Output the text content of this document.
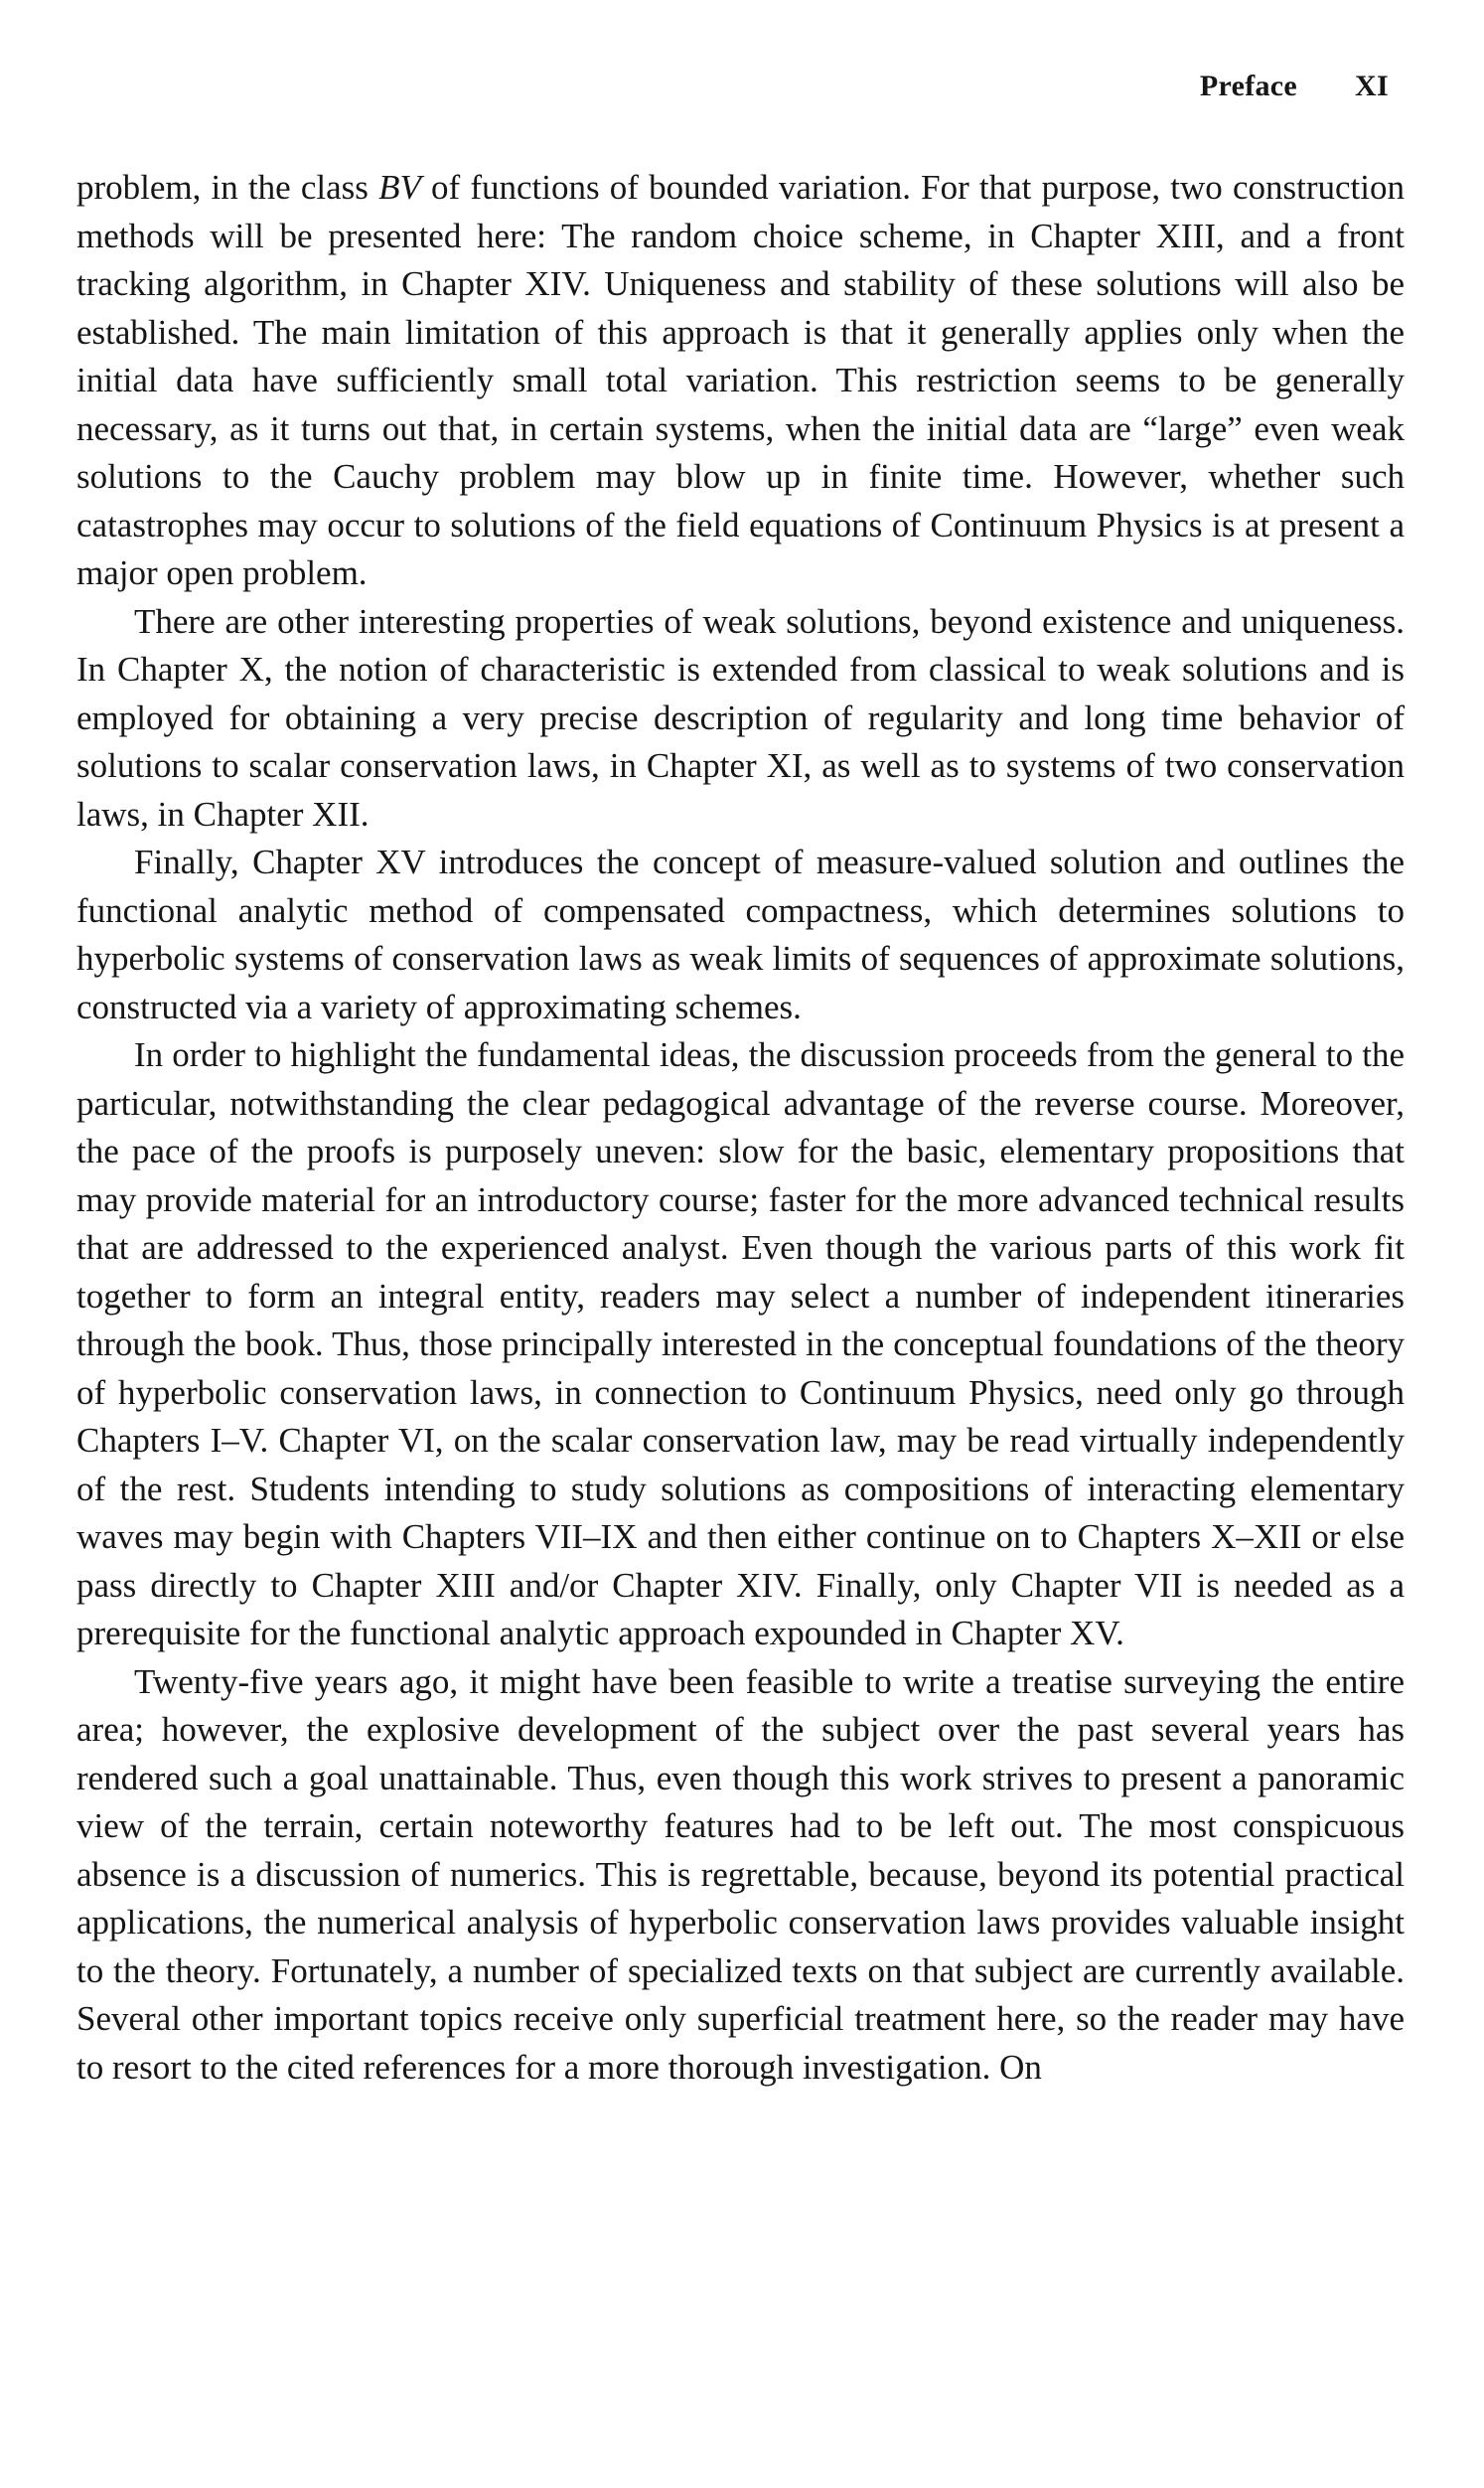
Preface XI

problem, in the class BV of functions of bounded variation. For that purpose, two construction methods will be presented here: The random choice scheme, in Chapter XIII, and a front tracking algorithm, in Chapter XIV. Uniqueness and stability of these solutions will also be established. The main limitation of this approach is that it generally applies only when the initial data have sufficiently small total variation. This restriction seems to be generally necessary, as it turns out that, in certain systems, when the initial data are “large” even weak solutions to the Cauchy problem may blow up in finite time. However, whether such catastrophes may occur to solutions of the field equations of Continuum Physics is at present a major open problem.

There are other interesting properties of weak solutions, beyond existence and uniqueness. In Chapter X, the notion of characteristic is extended from classical to weak solutions and is employed for obtaining a very precise description of regularity and long time behavior of solutions to scalar conservation laws, in Chapter XI, as well as to systems of two conservation laws, in Chapter XII.

Finally, Chapter XV introduces the concept of measure-valued solution and outlines the functional analytic method of compensated compactness, which determines solutions to hyperbolic systems of conservation laws as weak limits of sequences of approximate solutions, constructed via a variety of approximating schemes.

In order to highlight the fundamental ideas, the discussion proceeds from the general to the particular, notwithstanding the clear pedagogical advantage of the reverse course. Moreover, the pace of the proofs is purposely uneven: slow for the basic, elementary propositions that may provide material for an introductory course; faster for the more advanced technical results that are addressed to the experienced analyst. Even though the various parts of this work fit together to form an integral entity, readers may select a number of independent itineraries through the book. Thus, those principally interested in the conceptual foundations of the theory of hyperbolic conservation laws, in connection to Continuum Physics, need only go through Chapters I–V. Chapter VI, on the scalar conservation law, may be read virtually independently of the rest. Students intending to study solutions as compositions of interacting elementary waves may begin with Chapters VII–IX and then either continue on to Chapters X–XII or else pass directly to Chapter XIII and/or Chapter XIV. Finally, only Chapter VII is needed as a prerequisite for the functional analytic approach expounded in Chapter XV.

Twenty-five years ago, it might have been feasible to write a treatise surveying the entire area; however, the explosive development of the subject over the past several years has rendered such a goal unattainable. Thus, even though this work strives to present a panoramic view of the terrain, certain noteworthy features had to be left out. The most conspicuous absence is a discussion of numerics. This is regrettable, because, beyond its potential practical applications, the numerical analysis of hyperbolic conservation laws provides valuable insight to the theory. Fortunately, a number of specialized texts on that subject are currently available. Several other important topics receive only superficial treatment here, so the reader may have to resort to the cited references for a more thorough investigation. On
